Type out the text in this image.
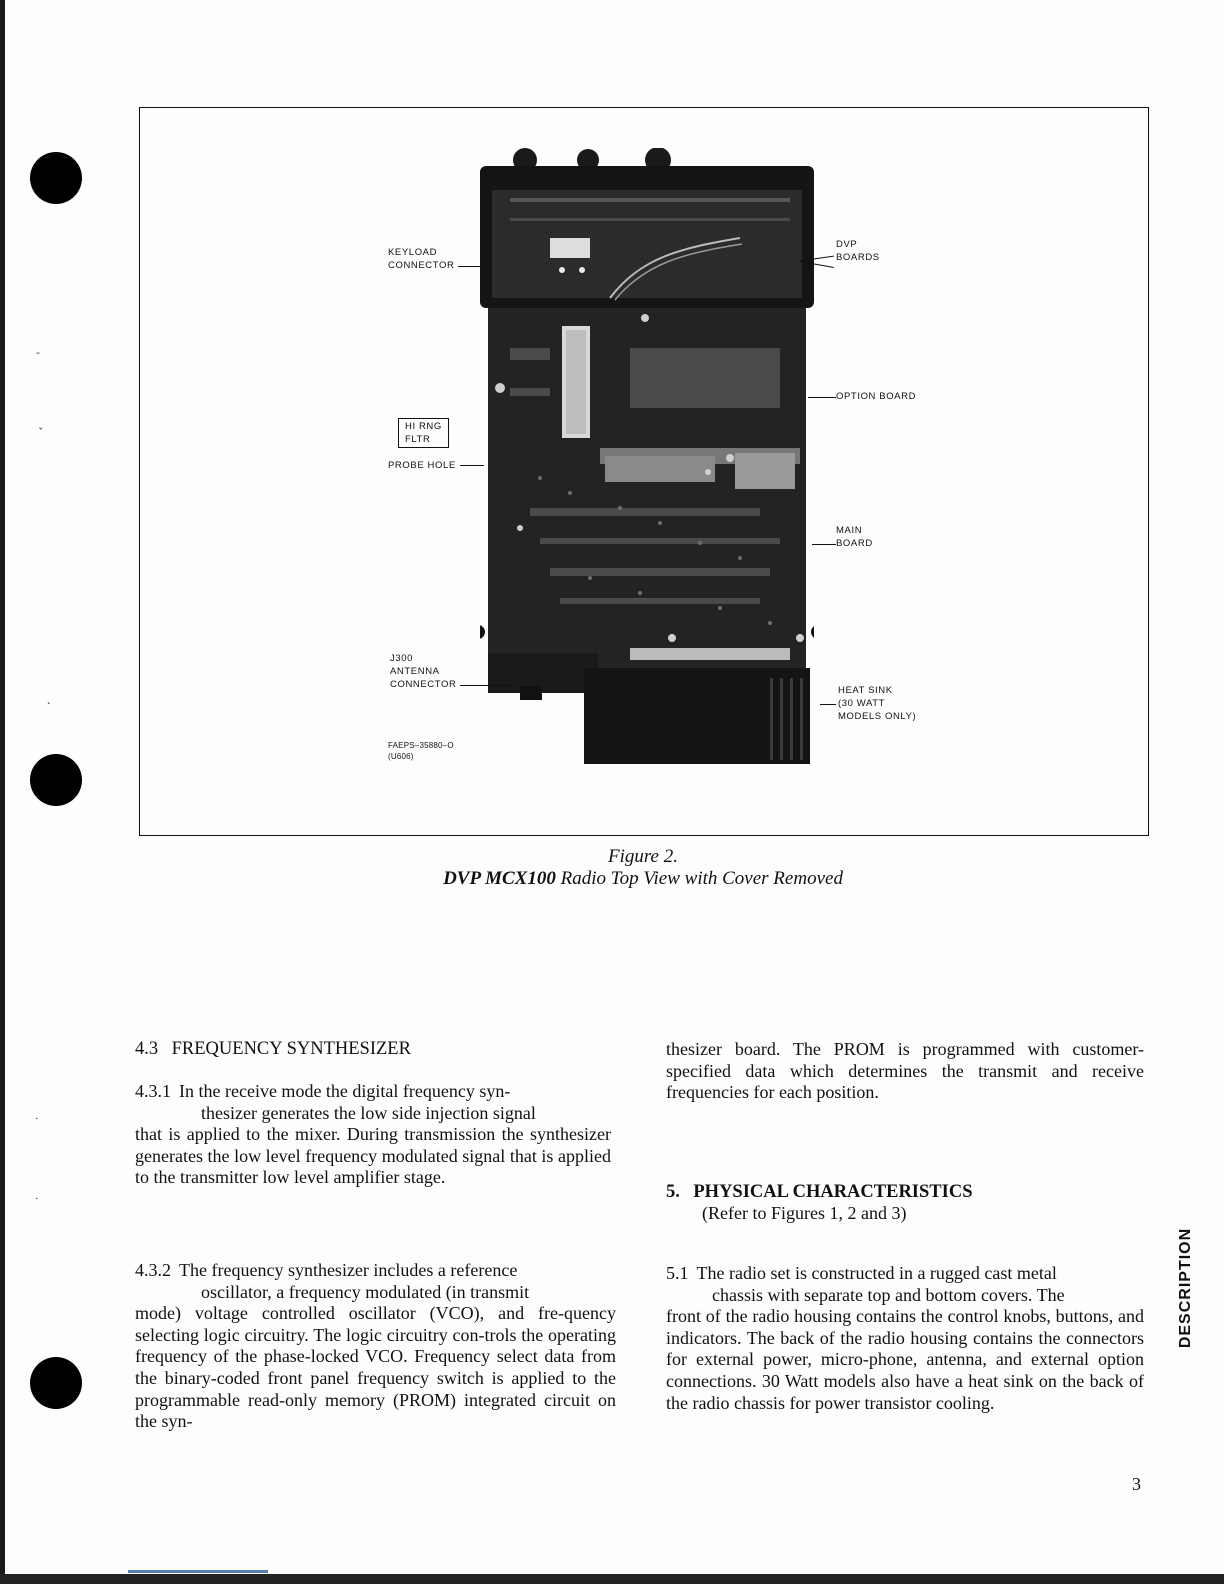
‐
ˇ
˛
˙
˙
KEYLOAD
CONNECTOR
DVP
BOARDS
OPTION BOARD
HI RNG
FLTR
PROBE HOLE
MAIN
BOARD
J300
ANTENNA
CONNECTOR
HEAT SINK
(30 WATT
MODELS ONLY)
FAEPS–35880–O
(U606)
Figure 2.
DVP MCX100 Radio Top View with Cover Removed
4.3 FREQUENCY SYNTHESIZER

4.3.1 In the receive mode the digital frequency syn-

thesizer generates the low side injection signal

that is applied to the mixer. During transmission the synthesizer generates the low level frequency modulated signal that is applied to the transmitter low level amplifier stage.

4.3.2 The frequency synthesizer includes a reference

oscillator, a frequency modulated (in transmit

mode) voltage controlled oscillator (VCO), and fre-quency selecting logic circuitry. The logic circuitry con-trols the operating frequency of the phase-locked VCO. Frequency select data from the binary-coded front panel frequency switch is applied to the programmable read-only memory (PROM) integrated circuit on the syn-

thesizer board. The PROM is programmed with customer-specified data which determines the transmit and receive frequencies for each position.

5. PHYSICAL CHARACTERISTICS
(Refer to Figures 1, 2 and 3)

5.1 The radio set is constructed in a rugged cast metal

chassis with separate top and bottom covers. The

front of the radio housing contains the control knobs, buttons, and indicators. The back of the radio housing contains the connectors for external power, micro-phone, antenna, and external option connections. 30 Watt models also have a heat sink on the back of the radio chassis for power transistor cooling.

DESCRIPTION
3
